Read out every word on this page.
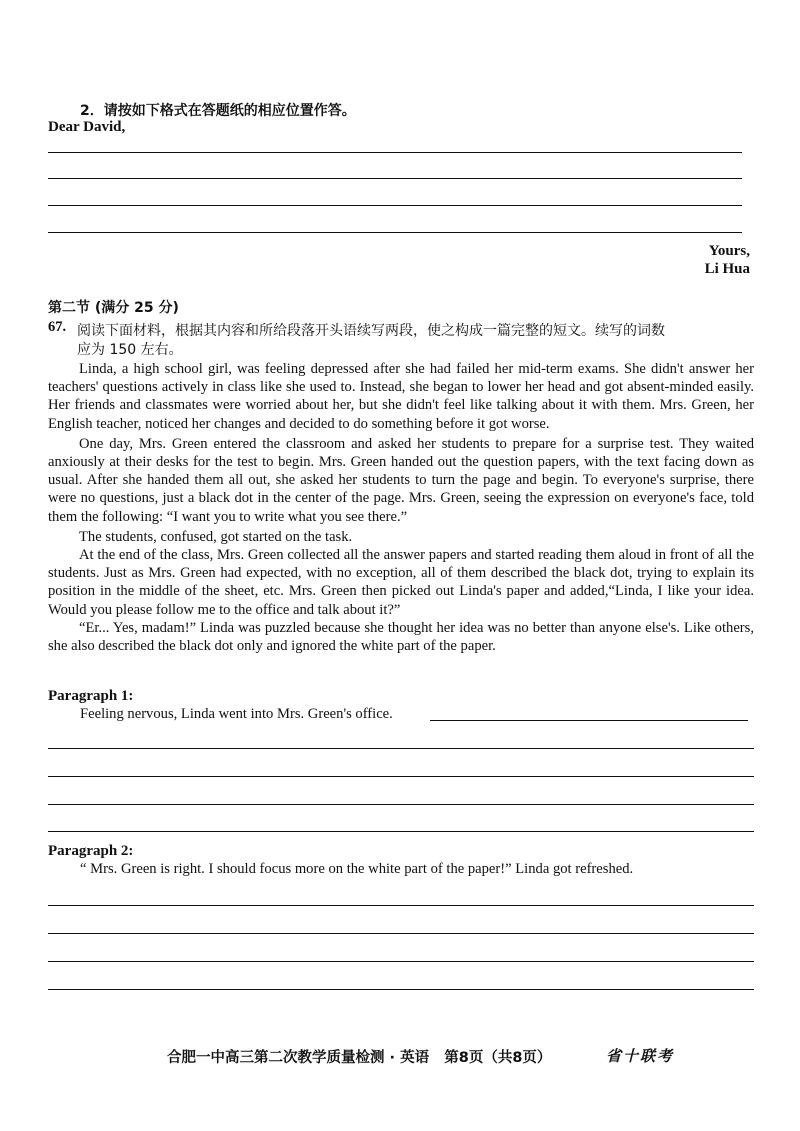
2．请按如下格式在答题纸的相应位置作答。
Dear David,
Yours,
Li Hua
第二节 (满分 25 分)
67. 阅读下面材料，根据其内容和所给段落开头语续写两段，使之构成一篇完整的短文。续写的词数
应为 150 左右。

Linda, a high school girl, was feeling depressed after she had failed her mid-term exams. She didn't answer her teachers' questions actively in class like she used to. Instead, she began to lower her head and got absent-minded easily. Her friends and classmates were worried about her, but she didn't feel like talking about it with them. Mrs. Green, her English teacher, noticed her changes and decided to do something before it got worse.

One day, Mrs. Green entered the classroom and asked her students to prepare for a surprise test. They waited anxiously at their desks for the test to begin. Mrs. Green handed out the question papers, with the text facing down as usual. After she handed them all out, she asked her students to turn the page and begin. To everyone's surprise, there were no questions, just a black dot in the center of the page. Mrs. Green, seeing the expression on everyone's face, told them the following: “I want you to write what you see there.”

The students, confused, got started on the task.

At the end of the class, Mrs. Green collected all the answer papers and started reading them aloud in front of all the students. Just as Mrs. Green had expected, with no exception, all of them described the black dot, trying to explain its position in the middle of the sheet, etc. Mrs. Green then picked out Linda's paper and added,“Linda, I like your idea. Would you please follow me to the office and talk about it?”

“Er... Yes, madam!” Linda was puzzled because she thought her idea was no better than anyone else's. Like others, she also described the black dot only and ignored the white part of the paper.

Paragraph 1:
Feeling nervous, Linda went into Mrs. Green's office.
Paragraph 2:
“ Mrs. Green is right. I should focus more on the white part of the paper!” Linda got refreshed.
合肥一中高三第二次教学质量检测 · 英语   第8页（共8页）	省十联考
